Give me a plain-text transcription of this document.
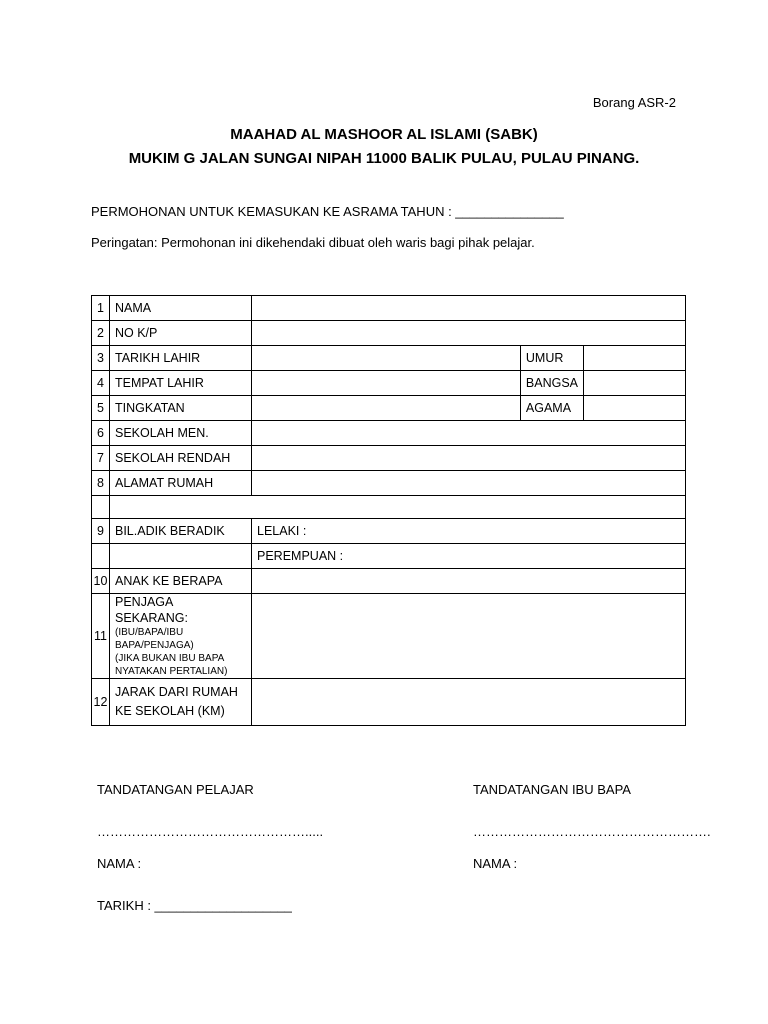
Borang ASR-2
MAAHAD AL MASHOOR AL ISLAMI (SABK)
MUKIM G JALAN SUNGAI NIPAH 11000 BALIK PULAU, PULAU PINANG.
PERMOHONAN UNTUK KEMASUKAN KE ASRAMA TAHUN : _______________
Peringatan: Permohonan ini dikehendaki dibuat oleh waris bagi pihak pelajar.
1	NAMA			
2	NO K/P			
3	TARIKH LAHIR		UMUR	
4	TEMPAT LAHIR		BANGSA	
5	TINGKATAN		AGAMA	
6	SEKOLAH MEN.			
7	SEKOLAH RENDAH			
8	ALAMAT RUMAH			

9	BIL.ADIK BERADIK	LELAKI :		
		PEREMPUAN :		
10	ANAK KE BERAPA			
11	PENJAGA SEKARANG:
(IBU/BAPA/IBU BAPA/PENJAGA)
(JIKA BUKAN IBU BAPA NYATAKAN PERTALIAN)			

12	JARAK DARI RUMAH KE SEKOLAH (KM)			

TANDATANGAN PELAJAR	TANDATANGAN IBU BAPA
………………………………………….....	……………………………………………….
NAMA :	NAMA :
TARIKH : ___________________
